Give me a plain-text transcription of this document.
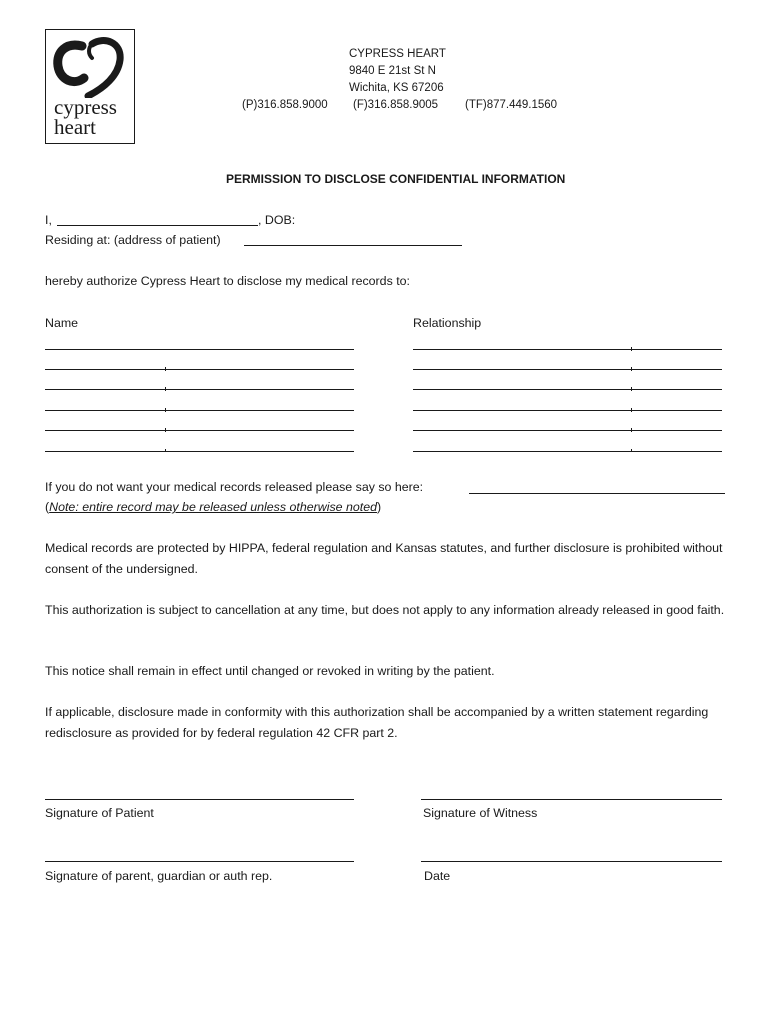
cypress
heart
CYPRESS HEART
9840 E 21st St N
Wichita, KS 67206
(P)316.858.9000 (F)316.858.9005 (TF)877.449.1560
PERMISSION TO DISCLOSE CONFIDENTIAL INFORMATION
I,	, DOB:
Residing at: (address of patient)
hereby authorize Cypress Heart to disclose my medical records to:
Name	Relationship
If you do not want your medical records released please say so here:
(Note: entire record may be released unless otherwise noted)
Medical records are protected by HIPPA, federal regulation and Kansas statutes, and further disclosure is prohibited without consent of the undersigned.
This authorization is subject to cancellation at any time, but does not apply to any information already released in good faith.
This notice shall remain in effect until changed or revoked in writing by the patient.
If applicable, disclosure made in conformity with this authorization shall be accompanied by a written statement regarding redisclosure as provided for by federal regulation 42 CFR part 2.
Signature of Patient	Signature of Witness
Signature of parent, guardian or auth rep.	Date
